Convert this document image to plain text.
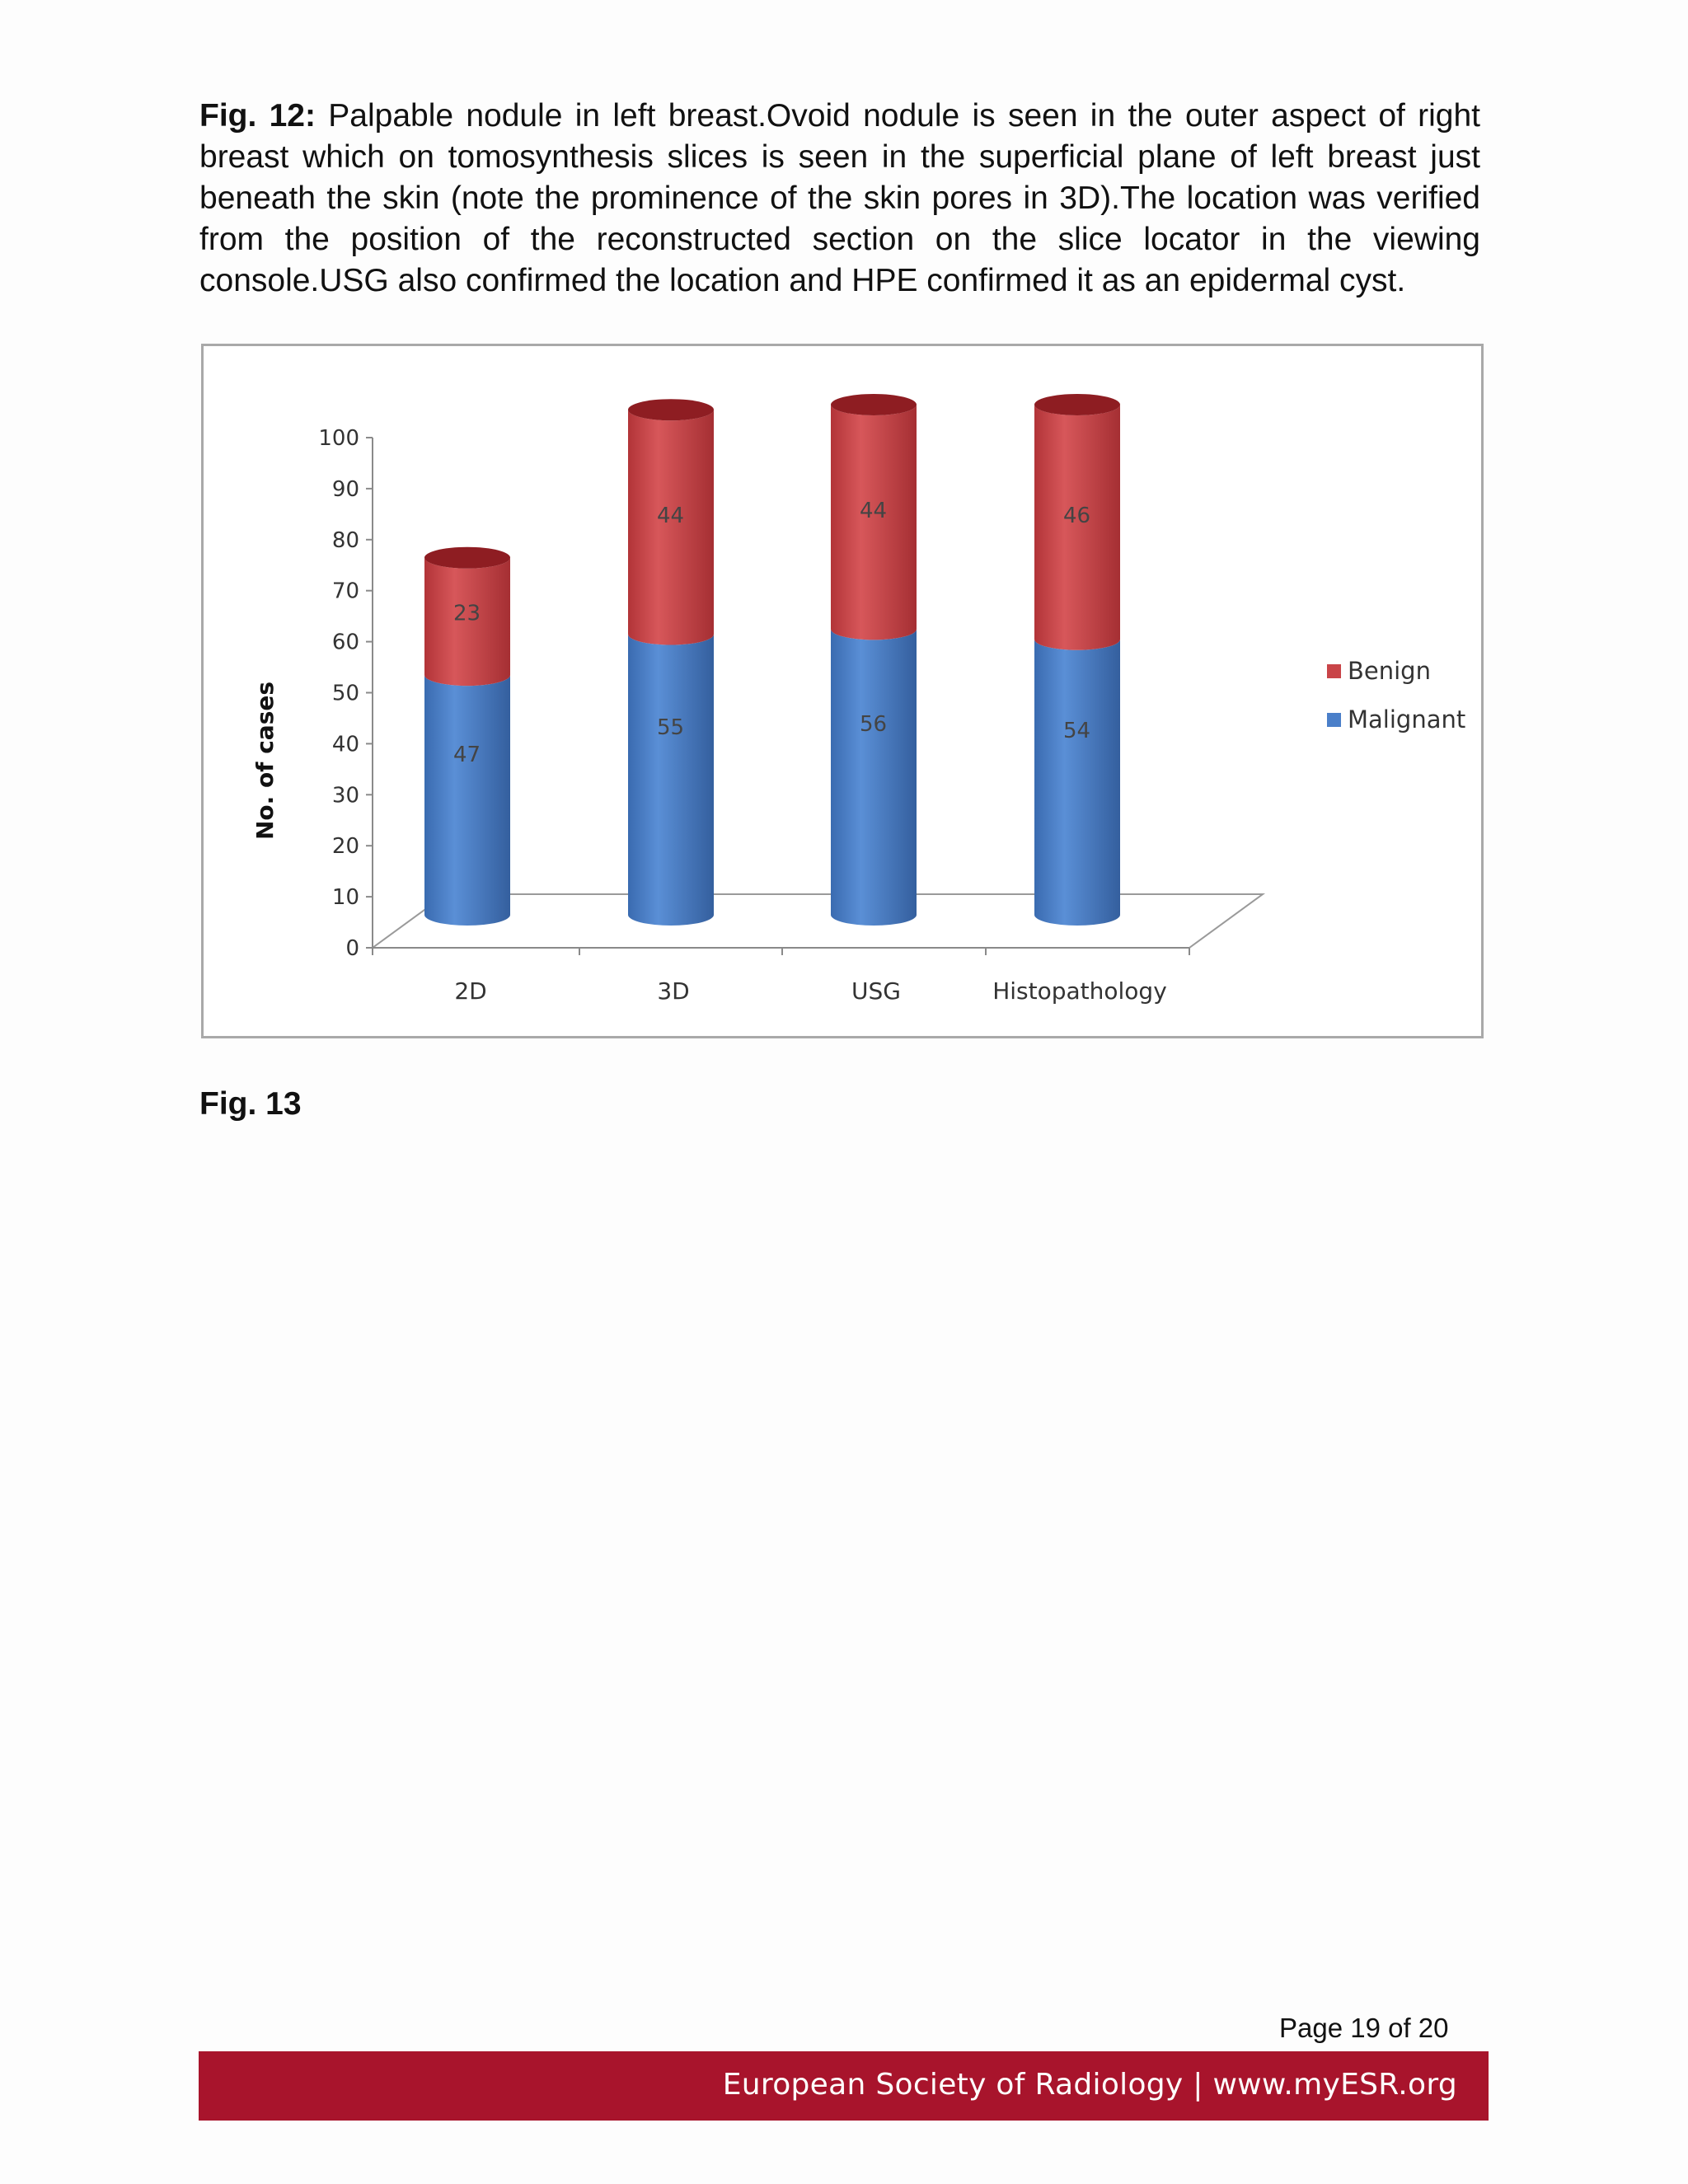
Fig. 12: Palpable nodule in left breast.Ovoid nodule is seen in the outer aspect of right breast which on tomosynthesis slices is seen in the superficial plane of left breast just beneath the skin (note the prominence of the skin pores in 3D).The location was verified from the position of the reconstructed section on the slice locator in the viewing console.USG also confirmed the location and HPE confirmed it as an epidermal cyst.

No. of cases
0
10
20
30
40
50
60
70
80
90
100
2D	3D	USG	Histopathology
47
23
55
44
56
44
54
46
Benign
Malignant

Fig. 13

Page 19 of 20
European Society of Radiology | www.myESR.org
